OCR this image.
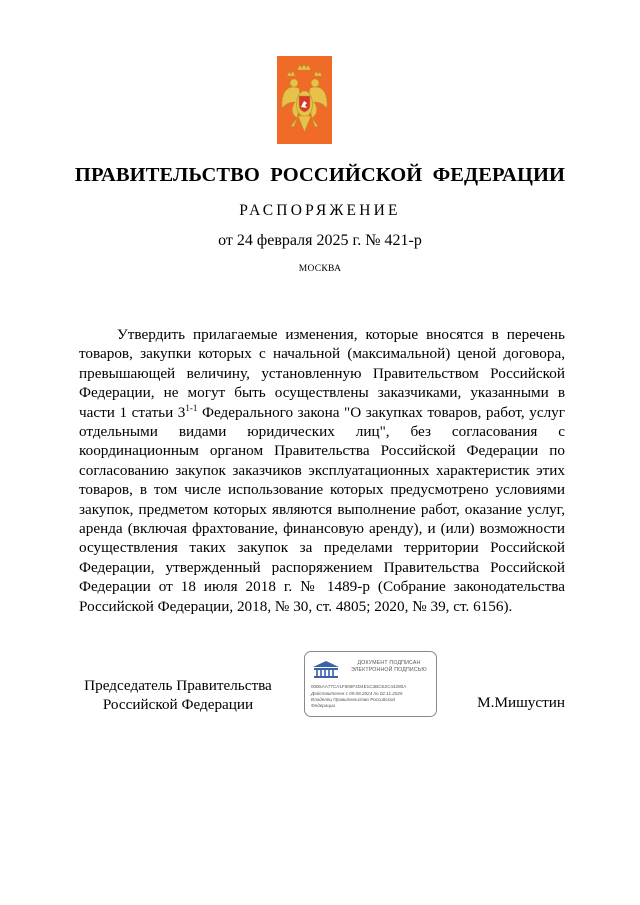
ПРАВИТЕЛЬСТВО РОССИЙСКОЙ ФЕДЕРАЦИИ
РАСПОРЯЖЕНИЕ
от 24 февраля 2025 г. № 421-р
МОСКВА

Утвердить прилагаемые изменения, которые вносятся в перечень товаров, закупки которых с начальной (максимальной) ценой договора, превышающей величину, установленную Правительством Российской Федерации, не могут быть осуществлены заказчиками, указанными в части 1 статьи 3$^{1-1}$ Федерального закона "О закупках товаров, работ, услуг отдельными видами юридических лиц", без согласования с координационным органом Правительства Российской Федерации по согласованию закупок заказчиков эксплуатационных характеристик этих товаров, в том числе использование которых предусмотрено условиями закупок, предметом которых являются выполнение работ, оказание услуг, аренда (включая фрахтование, финансовую аренду), и (или) возможности осуществления таких закупок за пределами территории Российской Федерации, утвержденный распоряжением Правительства Российской Федерации от 18 июля 2018 г. № 1489-р (Собрание законодательства Российской Федерации, 2018, № 30, ст. 4805; 2020, № 39, ст. 6156).

Председатель Правительства
Российской Федерации
ДОКУМЕНТ ПОДПИСАН
ЭЛЕКТРОННОЙ ПОДПИСЬЮ
00B5AA77CA1F606F4D4E1C3BCE2C44280A
Действителен с 09.08.2024 по 02.11.2025
Владелец Правительство Российской
Федерации	М.Мишустин
